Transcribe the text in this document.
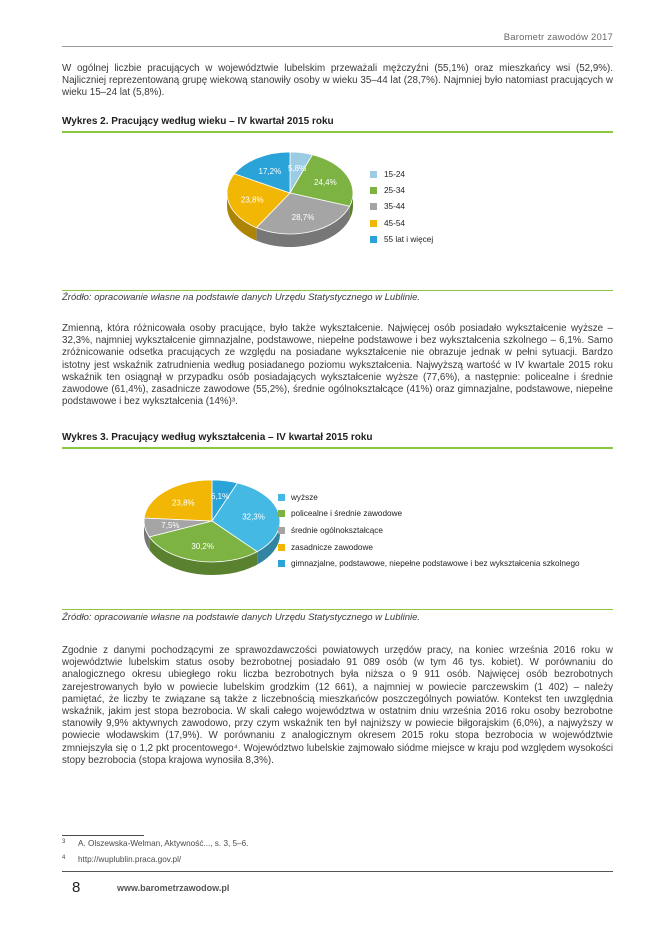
Barometr zawodów 2017

W ogólnej liczbie pracujących w województwie lubelskim przeważali mężczyźni (55,1%) oraz mieszkańcy wsi (52,9%). Najliczniej reprezentowaną grupę wiekową stanowiły osoby w wieku 35–44 lat (28,7%). Najmniej było natomiast pracujących w wieku 15–24 lat (5,8%).

Wykres 2. Pracujący według wieku – IV kwartał 2015 roku
5,8%
24,4%
28,7%
23,8%
17,2%	15-24
25-34
35-44
45-54
55 lat i więcej
Źródło: opracowanie własne na podstawie danych Urzędu Statystycznego w Lublinie.

Zmienną, która różnicowała osoby pracujące, było także wykształcenie. Najwięcej osób posiadało wykształcenie wyższe – 32,3%, najmniej wykształcenie gimnazjalne, podstawowe, niepełne podstawowe i bez wykształcenia szkolnego – 6,1%. Samo zróżnicowanie odsetka pracujących ze względu na posiadane wykształcenie nie obrazuje jednak w pełni sytuacji. Bardzo istotny jest wskaźnik zatrudnienia według posiadanego poziomu wykształcenia. Najwyższą wartość w IV kwartale 2015 roku wskaźnik ten osiągnął w przypadku osób posiadających wykształcenie wyższe (77,6%), a następnie: policealne i średnie zawodowe (61,4%), zasadnicze zawodowe (55,2%), średnie ogólnokształcące (41%) oraz gimnazjalne, podstawowe, niepełne podstawowe i bez wykształcenia (14%)³.

Wykres 3. Pracujący według wykształcenia – IV kwartał 2015 roku
6,1%
32,3%
30,2%
7,5%
23,8%
wyższe
policealne i średnie zawodowe
średnie ogólnokształcące
zasadnicze zawodowe
gimnazjalne, podstawowe, niepełne podstawowe i bez wykształcenia szkolnego
Źródło: opracowanie własne na podstawie danych Urzędu Statystycznego w Lublinie.

Zgodnie z danymi pochodzącymi ze sprawozdawczości powiatowych urzędów pracy, na koniec września 2016 roku w województwie lubelskim status osoby bezrobotnej posiadało 91 089 osób (w tym 46 tys. kobiet). W porównaniu do analogicznego okresu ubiegłego roku liczba bezrobotnych była niższa o 9 911 osób. Najwięcej osób bezrobotnych zarejestrowanych było w powiecie lubelskim grodzkim (12 661), a najmniej w powiecie parczewskim (1 402) – należy pamiętać, że liczby te związane są także z liczebnością mieszkańców poszczególnych powiatów. Kontekst ten uwzględnia wskaźnik, jakim jest stopa bezrobocia. W skali całego województwa w ostatnim dniu września 2016 roku osoby bezrobotne stanowiły 9,9% aktywnych zawodowo, przy czym wskaźnik ten był najniższy w powiecie biłgorajskim (6,0%), a najwyższy w powiecie włodawskim (17,9%). W porównaniu z analogicznym okresem 2015 roku stopa bezrobocia w województwie zmniejszyła się o 1,2 pkt procentowego⁴. Województwo lubelskie zajmowało siódme miejsce w kraju pod względem wysokości stopy bezrobocia (stopa krajowa wynosiła 8,3%).

3 A. Olszewska-Welman, Aktywność..., s. 3, 5–6.
4 http://wuplublin.praca.gov.pl/
8	www.barometrzawodow.pl
